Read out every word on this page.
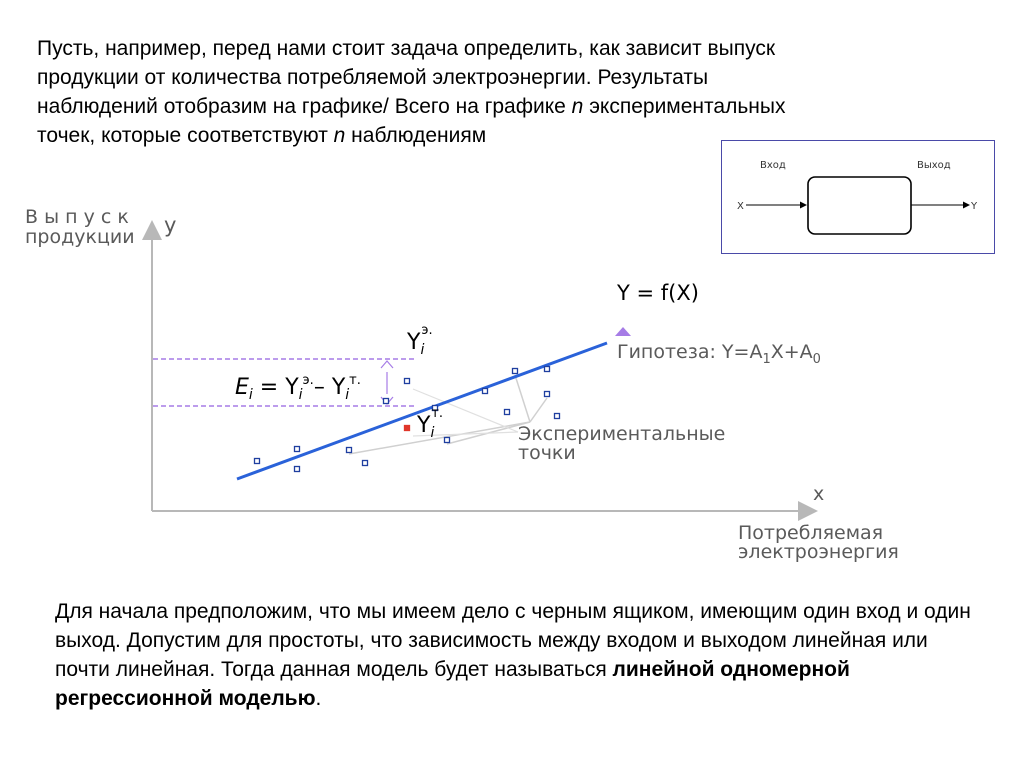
Пусть, например, перед нами стоит задача определить, как зависит выпуск
продукции от количества потребляемой электроэнергии. Результаты
наблюдений отобразим на графике/ Всего на графике n экспериментальных
точек, которые соответствуют n наблюдениям

Вход	Выход
X	Y
В ы п у с к
продукции y
x
Потребляемая
электроэнергия
Y = f(X)
Гипотеза: $Y=A_1X+A_0$
$E_i = Y_i^{э.}-$ $Y_i^{т.}$
$Y_iэ$.
$Y_iт$.
Экспериментальные
точки

Для начала предположим, что мы имеем дело с черным ящиком, имеющим один вход и один выход. Допустим для простоты, что зависимость между входом и выходом линейная или почти линейная. Тогда данная модель будет называться линейной одномерной регрессионной моделью.
